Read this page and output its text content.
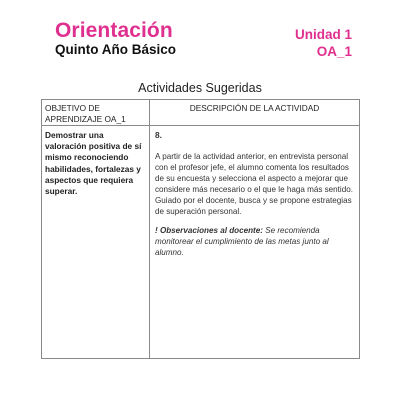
Orientación
Quinto Año Básico
Unidad 1
OA_1
Actividades Sugeridas
OBJETIVO DE APRENDIZAJE OA_1	DESCRIPCIÓN DE LA ACTIVIDAD
Demostrar una valoración positiva de sí mismo reconociendo habilidades, fortalezas y aspectos que requiera superar.	8.

A partir de la actividad anterior, en entrevista personal con el profesor jefe, el alumno comenta los resultados de su encuesta y selecciona el aspecto a mejorar que considere más necesario o el que le haga más sentido. Guiado por el docente, busca y se propone estrategias de superación personal.

! Observaciones al docente: Se recomienda monitorear el cumplimiento de las metas junto al alumno.
